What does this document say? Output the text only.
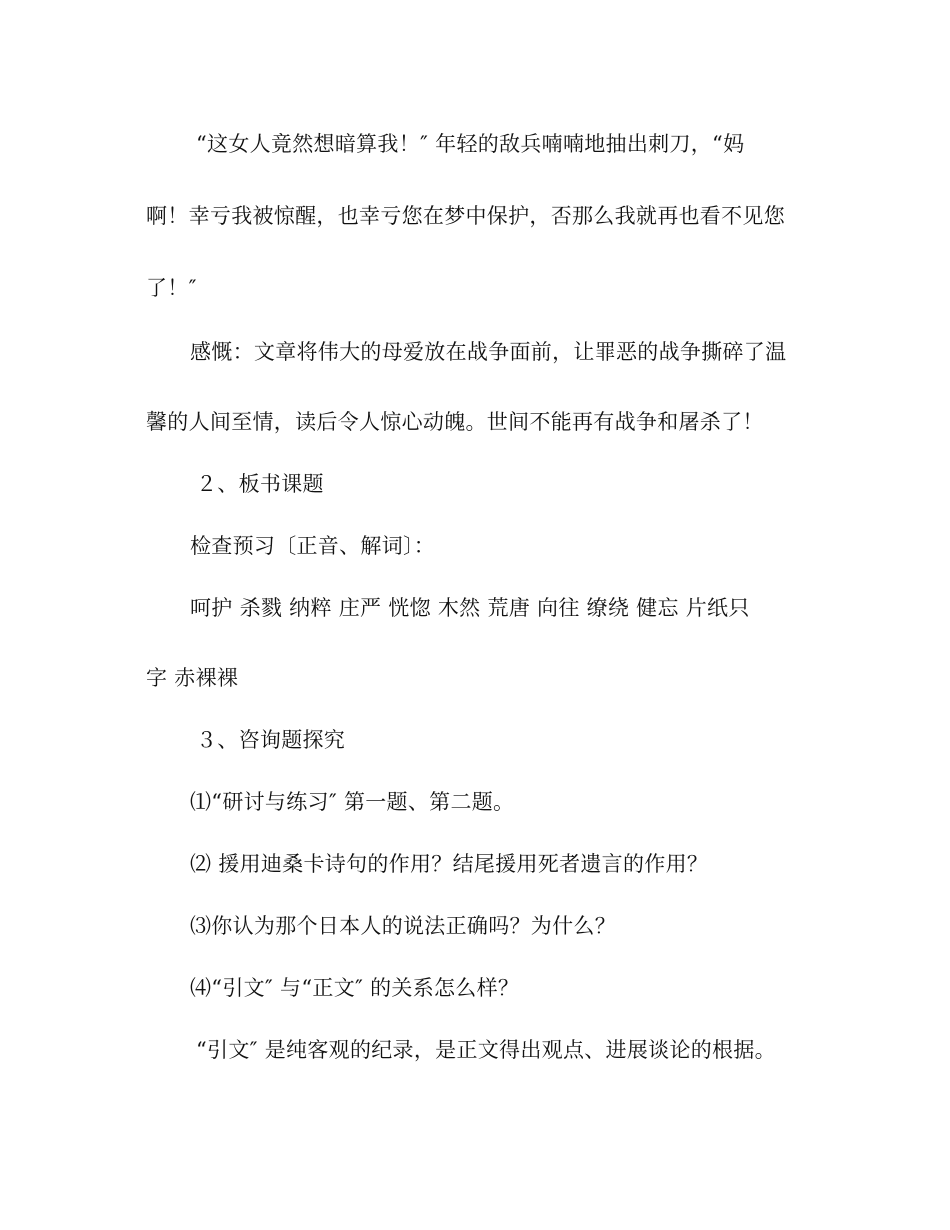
“这女人竟然想暗算我！″ 年轻的敌兵喃喃地抽出刺刀，“妈
啊！幸亏我被惊醒，也幸亏您在梦中保护，否那么我就再也看不见您
了！″
感慨：文章将伟大的母爱放在战争面前，让罪恶的战争撕碎了温
馨的人间至情，读后令人惊心动魄。世间不能再有战争和屠杀了！
２、板书课题
检查预习〔正音、解词〕：
呵护 杀戮 纳粹 庄严 恍惚 木然 荒唐 向往 缭绕 健忘 片纸只
字 赤裸裸
３、咨询题探究
⑴“研讨与练习″ 第一题、第二题。
⑵ 援用迪桑卡诗句的作用？结尾援用死者遗言的作用？
⑶你认为那个日本人的说法正确吗？为什么？
⑷“引文″ 与“正文″ 的关系怎么样？
“引文″ 是纯客观的纪录，是正文得出观点、进展谈论的根据。
